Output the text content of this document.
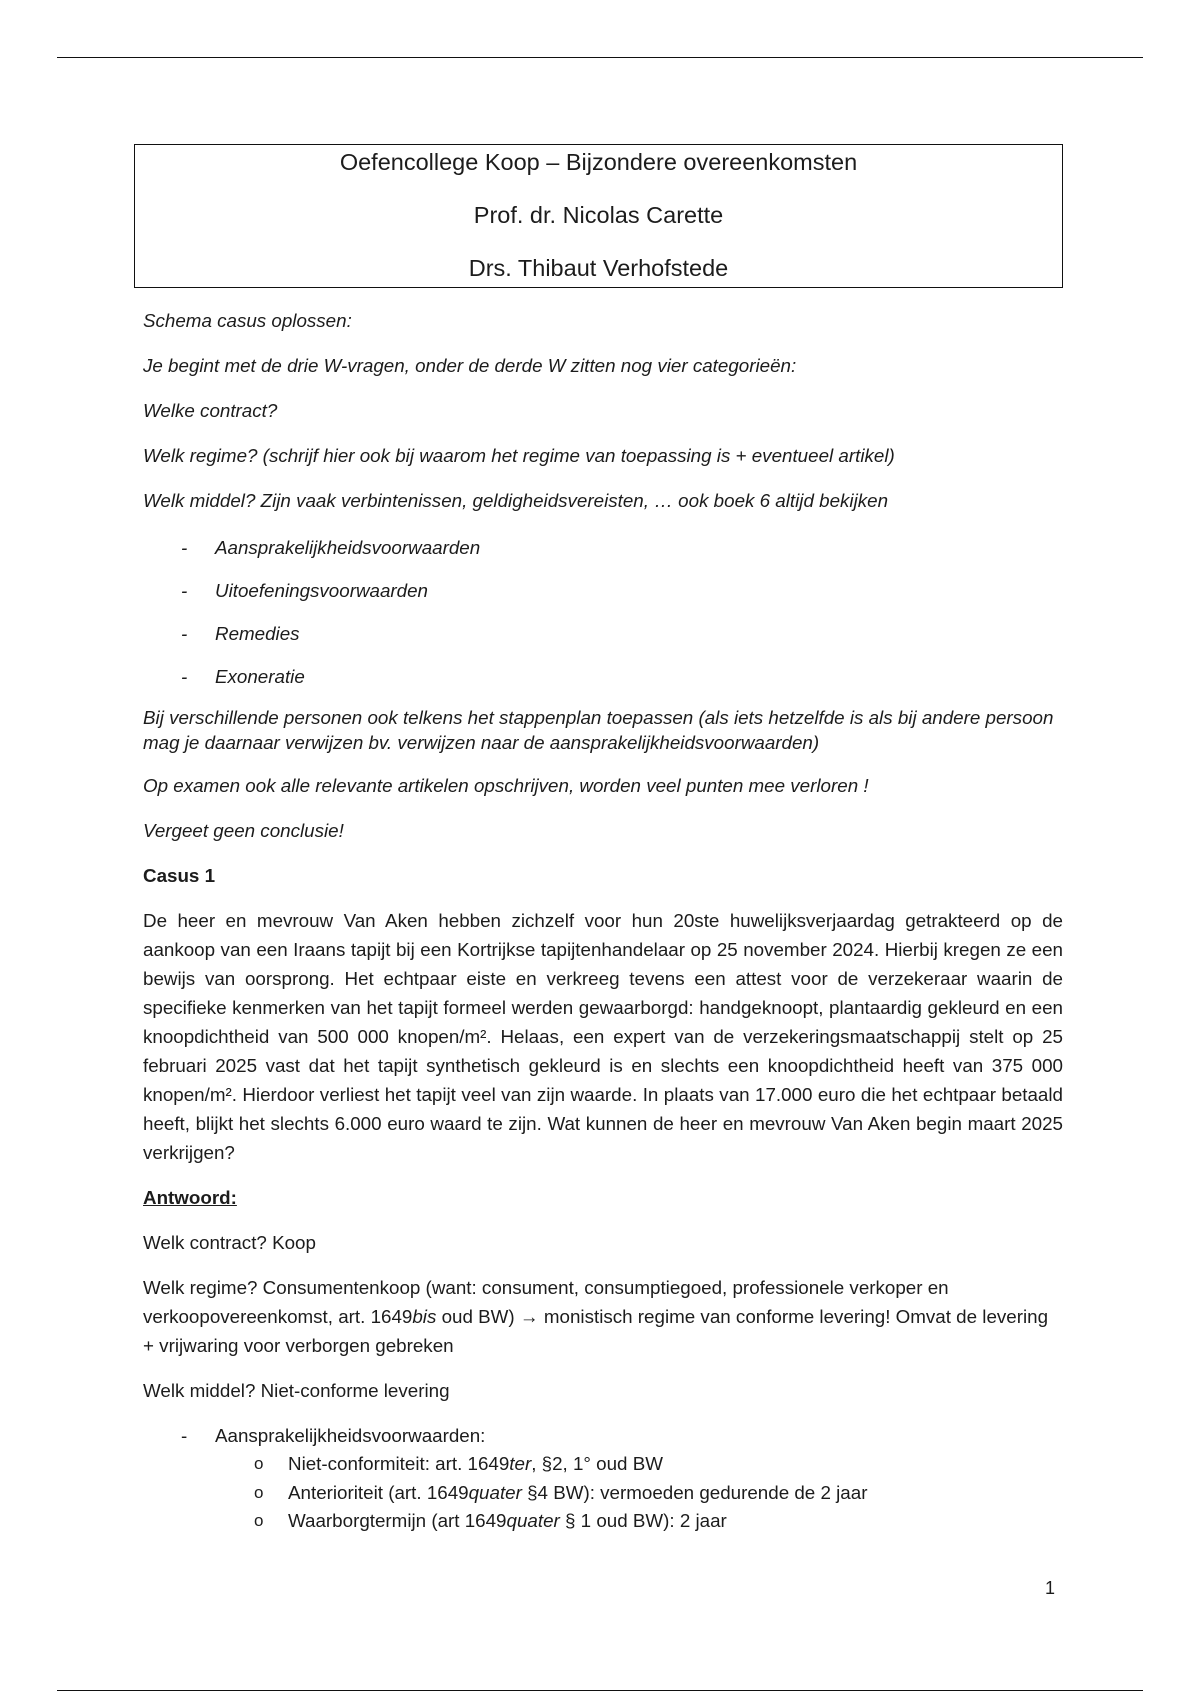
Oefencollege Koop – Bijzondere overeenkomsten
Prof. dr. Nicolas Carette
Drs. Thibaut Verhofstede

Schema casus oplossen:

Je begint met de drie W-vragen, onder de derde W zitten nog vier categorieën:

Welke contract?

Welk regime? (schrijf hier ook bij waarom het regime van toepassing is + eventueel artikel)

Welk middel? Zijn vaak verbintenissen, geldigheidsvereisten, … ook boek 6 altijd bekijken

- Aansprakelijkheidsvoorwaarden
- Uitoefeningsvoorwaarden
- Remedies
- Exoneratie

Bij verschillende personen ook telkens het stappenplan toepassen (als iets hetzelfde is als bij andere persoon mag je daarnaar verwijzen bv. verwijzen naar de aansprakelijkheidsvoorwaarden)

Op examen ook alle relevante artikelen opschrijven, worden veel punten mee verloren !

Vergeet geen conclusie!

Casus 1

De heer en mevrouw Van Aken hebben zichzelf voor hun 20ste huwelijksverjaardag getrakteerd op de aankoop van een Iraans tapijt bij een Kortrijkse tapijtenhandelaar op 25 november 2024. Hierbij kregen ze een bewijs van oorsprong. Het echtpaar eiste en verkreeg tevens een attest voor de verzekeraar waarin de specifieke kenmerken van het tapijt formeel werden gewaarborgd: handgeknoopt, plantaardig gekleurd en een knoopdichtheid van 500 000 knopen/m². Helaas, een expert van de verzekeringsmaatschappij stelt op 25 februari 2025 vast dat het tapijt synthetisch gekleurd is en slechts een knoopdichtheid heeft van 375 000 knopen/m². Hierdoor verliest het tapijt veel van zijn waarde. In plaats van 17.000 euro die het echtpaar betaald heeft, blijkt het slechts 6.000 euro waard te zijn. Wat kunnen de heer en mevrouw Van Aken begin maart 2025 verkrijgen?

Antwoord:

Welk contract? Koop

Welk regime? Consumentenkoop (want: consument, consumptiegoed, professionele verkoper en verkoopovereenkomst, art. 1649bis oud BW) → monistisch regime van conforme levering! Omvat de levering + vrijwaring voor verborgen gebreken

Welk middel? Niet-conforme levering

- Aansprakelijkheidsvoorwaarden:
o Niet-conformiteit: art. 1649ter, §2, 1° oud BW
o Anterioriteit (art. 1649quater §4 BW): vermoeden gedurende de 2 jaar
o Waarborgtermijn (art 1649quater § 1 oud BW): 2 jaar
1
